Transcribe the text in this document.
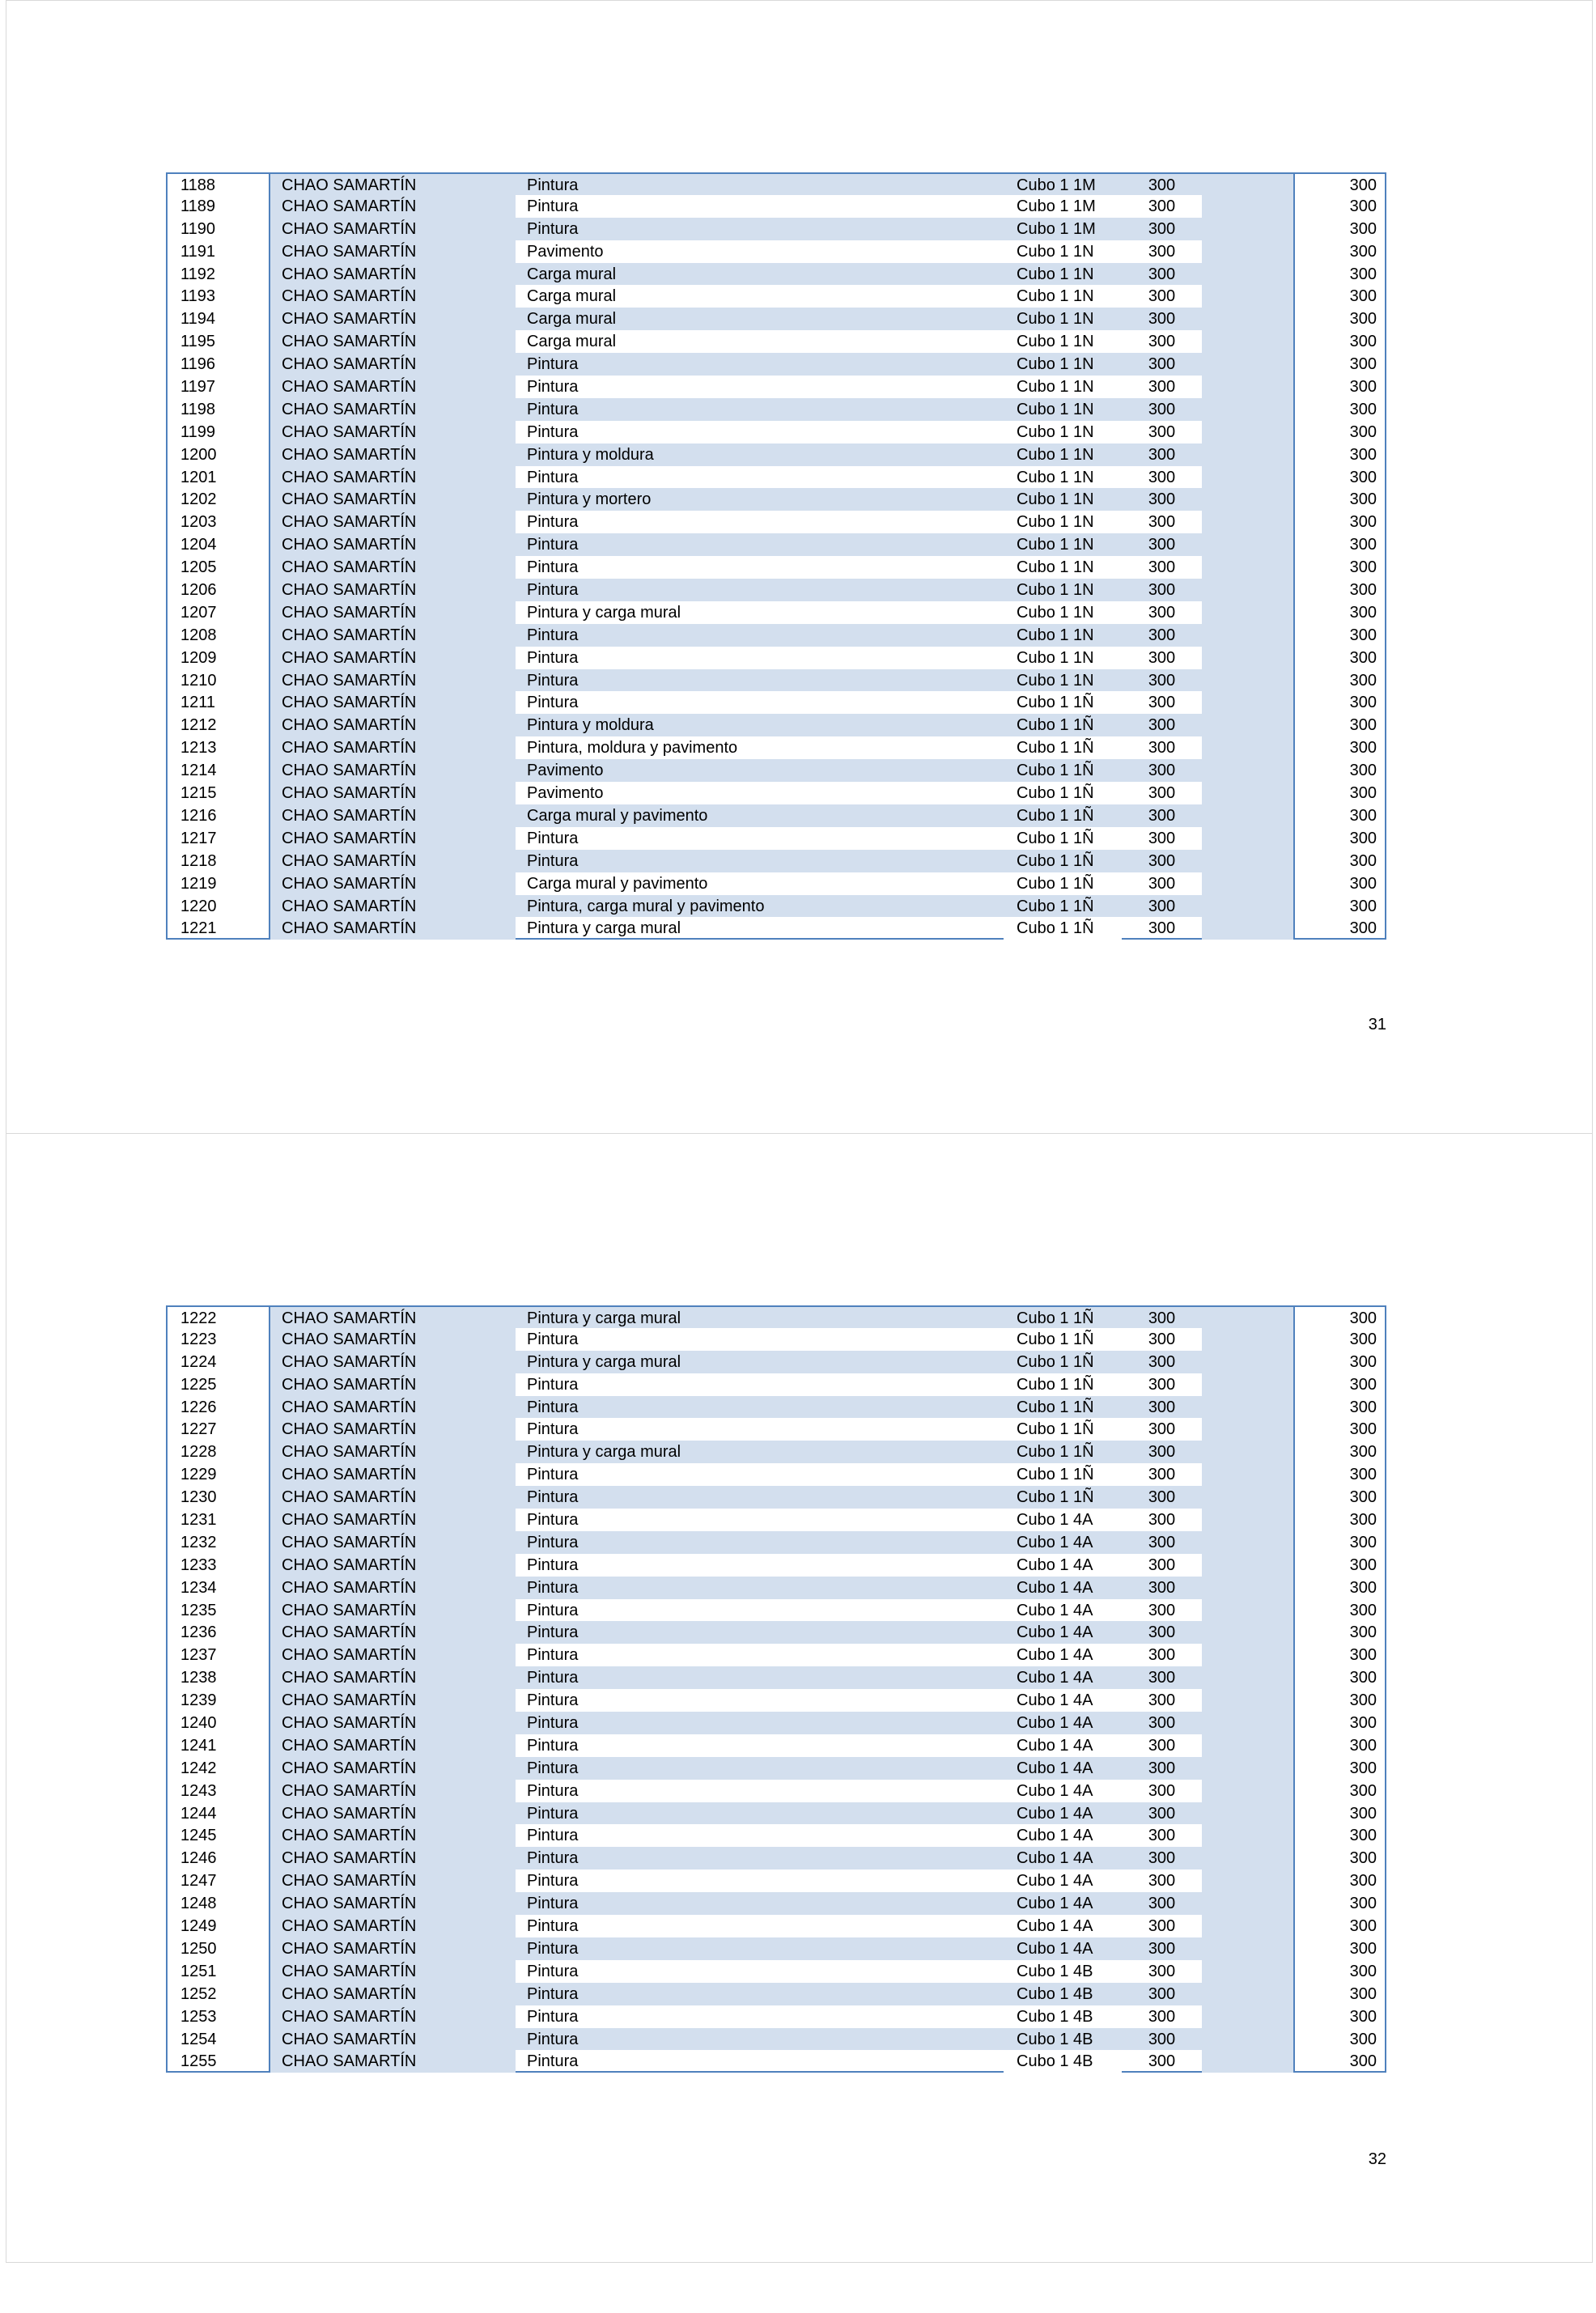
1188	CHAO SAMARTÍN	Pintura	Cubo 1 1M	300	300
1189	CHAO SAMARTÍN	Pintura	Cubo 1 1M	300	300
1190	CHAO SAMARTÍN	Pintura	Cubo 1 1M	300	300
1191	CHAO SAMARTÍN	Pavimento	Cubo 1 1N	300	300
1192	CHAO SAMARTÍN	Carga mural	Cubo 1 1N	300	300
1193	CHAO SAMARTÍN	Carga mural	Cubo 1 1N	300	300
1194	CHAO SAMARTÍN	Carga mural	Cubo 1 1N	300	300
1195	CHAO SAMARTÍN	Carga mural	Cubo 1 1N	300	300
1196	CHAO SAMARTÍN	Pintura	Cubo 1 1N	300	300
1197	CHAO SAMARTÍN	Pintura	Cubo 1 1N	300	300
1198	CHAO SAMARTÍN	Pintura	Cubo 1 1N	300	300
1199	CHAO SAMARTÍN	Pintura	Cubo 1 1N	300	300
1200	CHAO SAMARTÍN	Pintura y moldura	Cubo 1 1N	300	300
1201	CHAO SAMARTÍN	Pintura	Cubo 1 1N	300	300
1202	CHAO SAMARTÍN	Pintura y mortero	Cubo 1 1N	300	300
1203	CHAO SAMARTÍN	Pintura	Cubo 1 1N	300	300
1204	CHAO SAMARTÍN	Pintura	Cubo 1 1N	300	300
1205	CHAO SAMARTÍN	Pintura	Cubo 1 1N	300	300
1206	CHAO SAMARTÍN	Pintura	Cubo 1 1N	300	300
1207	CHAO SAMARTÍN	Pintura y carga mural	Cubo 1 1N	300	300
1208	CHAO SAMARTÍN	Pintura	Cubo 1 1N	300	300
1209	CHAO SAMARTÍN	Pintura	Cubo 1 1N	300	300
1210	CHAO SAMARTÍN	Pintura	Cubo 1 1N	300	300
1211	CHAO SAMARTÍN	Pintura	Cubo 1 1Ñ	300	300
1212	CHAO SAMARTÍN	Pintura y moldura	Cubo 1 1Ñ	300	300
1213	CHAO SAMARTÍN	Pintura, moldura y pavimento	Cubo 1 1Ñ	300	300
1214	CHAO SAMARTÍN	Pavimento	Cubo 1 1Ñ	300	300
1215	CHAO SAMARTÍN	Pavimento	Cubo 1 1Ñ	300	300
1216	CHAO SAMARTÍN	Carga mural y pavimento	Cubo 1 1Ñ	300	300
1217	CHAO SAMARTÍN	Pintura	Cubo 1 1Ñ	300	300
1218	CHAO SAMARTÍN	Pintura	Cubo 1 1Ñ	300	300
1219	CHAO SAMARTÍN	Carga mural y pavimento	Cubo 1 1Ñ	300	300
1220	CHAO SAMARTÍN	Pintura, carga mural y pavimento	Cubo 1 1Ñ	300	300
1221	CHAO SAMARTÍN	Pintura y carga mural	Cubo 1 1Ñ	300	300
31
1222	CHAO SAMARTÍN	Pintura y carga mural	Cubo 1 1Ñ	300	300
1223	CHAO SAMARTÍN	Pintura	Cubo 1 1Ñ	300	300
1224	CHAO SAMARTÍN	Pintura y carga mural	Cubo 1 1Ñ	300	300
1225	CHAO SAMARTÍN	Pintura	Cubo 1 1Ñ	300	300
1226	CHAO SAMARTÍN	Pintura	Cubo 1 1Ñ	300	300
1227	CHAO SAMARTÍN	Pintura	Cubo 1 1Ñ	300	300
1228	CHAO SAMARTÍN	Pintura y carga mural	Cubo 1 1Ñ	300	300
1229	CHAO SAMARTÍN	Pintura	Cubo 1 1Ñ	300	300
1230	CHAO SAMARTÍN	Pintura	Cubo 1 1Ñ	300	300
1231	CHAO SAMARTÍN	Pintura	Cubo 1 4A	300	300
1232	CHAO SAMARTÍN	Pintura	Cubo 1 4A	300	300
1233	CHAO SAMARTÍN	Pintura	Cubo 1 4A	300	300
1234	CHAO SAMARTÍN	Pintura	Cubo 1 4A	300	300
1235	CHAO SAMARTÍN	Pintura	Cubo 1 4A	300	300
1236	CHAO SAMARTÍN	Pintura	Cubo 1 4A	300	300
1237	CHAO SAMARTÍN	Pintura	Cubo 1 4A	300	300
1238	CHAO SAMARTÍN	Pintura	Cubo 1 4A	300	300
1239	CHAO SAMARTÍN	Pintura	Cubo 1 4A	300	300
1240	CHAO SAMARTÍN	Pintura	Cubo 1 4A	300	300
1241	CHAO SAMARTÍN	Pintura	Cubo 1 4A	300	300
1242	CHAO SAMARTÍN	Pintura	Cubo 1 4A	300	300
1243	CHAO SAMARTÍN	Pintura	Cubo 1 4A	300	300
1244	CHAO SAMARTÍN	Pintura	Cubo 1 4A	300	300
1245	CHAO SAMARTÍN	Pintura	Cubo 1 4A	300	300
1246	CHAO SAMARTÍN	Pintura	Cubo 1 4A	300	300
1247	CHAO SAMARTÍN	Pintura	Cubo 1 4A	300	300
1248	CHAO SAMARTÍN	Pintura	Cubo 1 4A	300	300
1249	CHAO SAMARTÍN	Pintura	Cubo 1 4A	300	300
1250	CHAO SAMARTÍN	Pintura	Cubo 1 4A	300	300
1251	CHAO SAMARTÍN	Pintura	Cubo 1 4B	300	300
1252	CHAO SAMARTÍN	Pintura	Cubo 1 4B	300	300
1253	CHAO SAMARTÍN	Pintura	Cubo 1 4B	300	300
1254	CHAO SAMARTÍN	Pintura	Cubo 1 4B	300	300
1255	CHAO SAMARTÍN	Pintura	Cubo 1 4B	300	300
32
